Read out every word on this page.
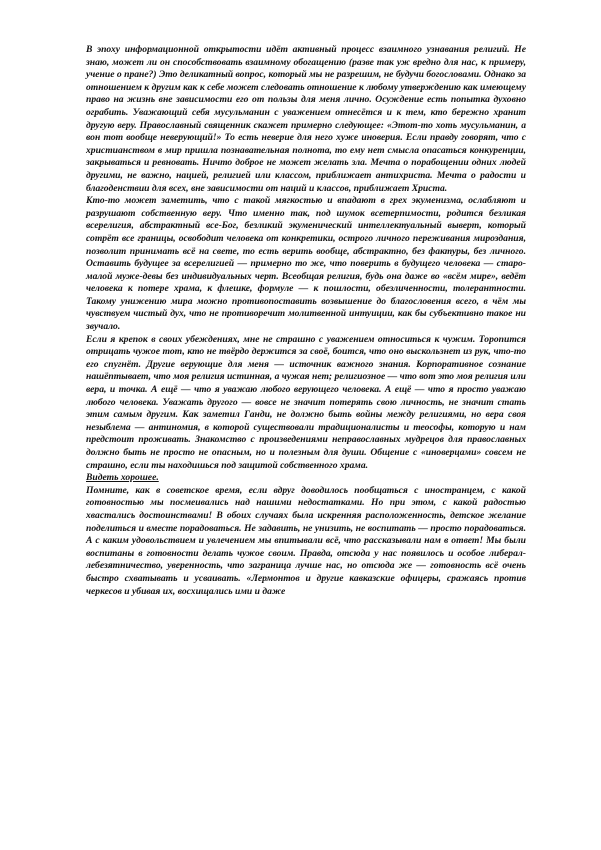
В эпоху информационной открытости идёт активный процесс взаимного узнавания религий. Не знаю, может ли он способствовать взаимному обогащению (разве так уж вредно для нас, к примеру, учение о пране?) Это деликатный вопрос, который мы не разрешим, не будучи богословами. Однако за отношением к другим как к себе может следовать отношение к любому утверждению как имеющему право на жизнь вне зависимости его от пользы для меня лично. Осуждение есть попытка духовно ограбить. Уважающий себя мусульманин с уважением отнесётся и к тем, кто бережно хранит другую веру. Православный священник скажет примерно следующее: «Этот-то хоть мусульманин, а вон тот вообще неверующий!» То есть неверие для него хуже иноверия. Если правду говорят, что с христианством в мир пришла познавательная полнота, то ему нет смысла опасаться конкуренции, закрываться и ревновать. Ничто доброе не может желать зла. Мечта о порабощении одних людей другими, не важно, нацией, религией или классом, приближает антихриста. Мечта о радости и благоденствии для всех, вне зависимости от наций и классов, приближает Христа.

Кто-то может заметить, что с такой мягкостью и впадают в грех экуменизма, ослабляют и разрушают собственную веру. Что именно так, под шумок всетерпимости, родится безликая всерелигия, абстрактный все-Бог, безликий экуменический интеллектуальный выверт, который сотрёт все границы, освободит человека от конкретики, острого личного переживания мироздания, позволит принимать всё на свете, то есть верить вообще, абстрактно, без фактуры, без личного. Оставить будущее за всерелигией — примерно то же, что поверить в будущего человека — старо-малой муже-девы без индивидуальных черт. Всеобщая религия, будь она даже во «всём мире», ведёт человека к потере храма, к флешке, формуле — к пошлости, обезличенности, толерантности. Такому унижению мира можно противопоставить возвышение до благословения всего, в чём мы чувствуем чистый дух, что не противоречит молитвенной интуиции, как бы субъективно такое ни звучало.

Если я крепок в своих убеждениях, мне не страшно с уважением относиться к чужим. Торопится отрицать чужое тот, кто не твёрдо держится за своё, боится, что оно выскользнет из рук, что-то его спугнёт. Другие верующие для меня — источник важного знания. Корпоративное сознание нашёптывает, что моя религия истинная, а чужая нет; религиозное — что вот это моя религия или вера, и точка. А ещё — что я уважаю любого верующего человека. А ещё — что я просто уважаю любого человека. Уважать другого — вовсе не значит потерять свою личность, не значит стать этим самым другим. Как заметил Ганди, не должно быть войны между религиями, но вера своя незыблема — антиномия, в которой существовали традиционалисты и теософы, которую и нам предстоит проживать. Знакомство с произведениями неправославных мудрецов для православных должно быть не просто не опасным, но и полезным для души. Общение с «иноверцами» совсем не страшно, если ты находишься под защитой собственного храма.

Видеть хорошее.

Помните, как в советское время, если вдруг доводилось пообщаться с иностранцем, с какой готовностью мы посмеивались над нашими недостатками. Но при этом, с какой радостью хвастались достоинствами! В обоих случаях была искренняя расположенность, детское желание поделиться и вместе порадоваться. Не задавить, не унизить, не воспитать — просто порадоваться. А с каким удовольствием и увлечением мы впитывали всё, что рассказывали нам в ответ! Мы были воспитаны в готовности делать чужое своим. Правда, отсюда у нас появилось и особое либерал-лебезятничество, уверенность, что заграница лучше нас, но отсюда же — готовность всё очень быстро схватывать и усваивать. «Лермонтов и другие кавказские офицеры, сражаясь против черкесов и убивая их, восхищались ими и даже
